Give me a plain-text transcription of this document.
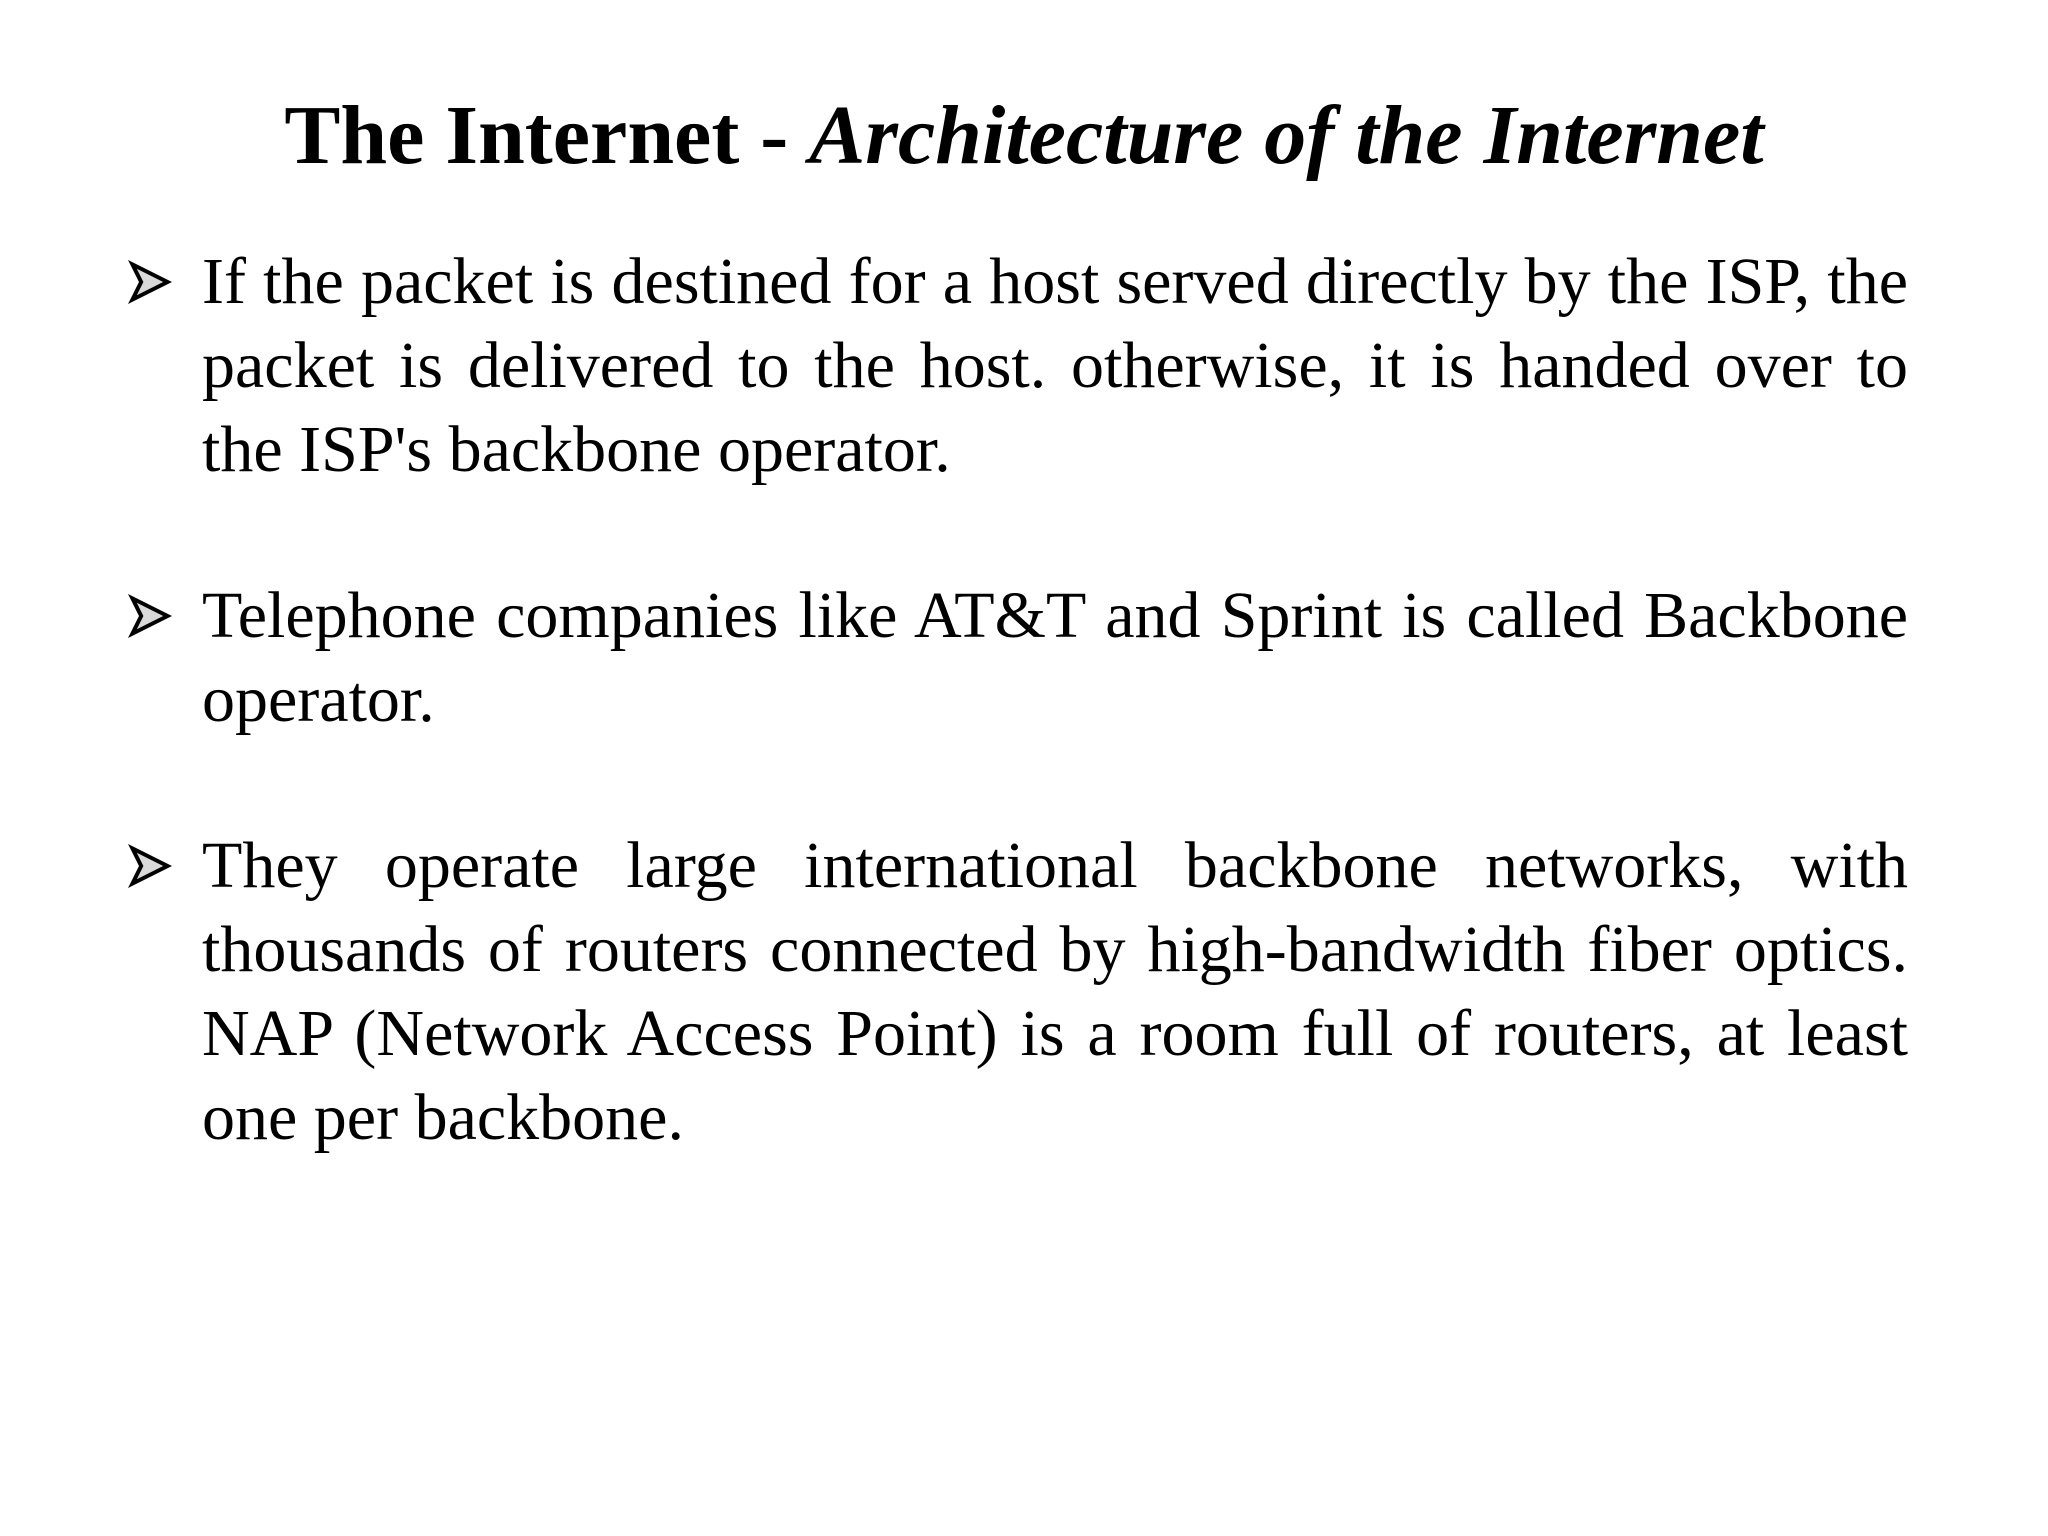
The Internet - Architecture of the Internet

If the packet is destined for a host served directly by the ISP, the packet is delivered to the host. otherwise, it is handed over to the ISP's backbone operator.

Telephone companies like AT&T and Sprint is called Backbone operator.

They operate large international backbone networks, with thousands of routers connected by high-bandwidth fiber optics. NAP (Network Access Point) is a room full of routers, at least one per backbone.
